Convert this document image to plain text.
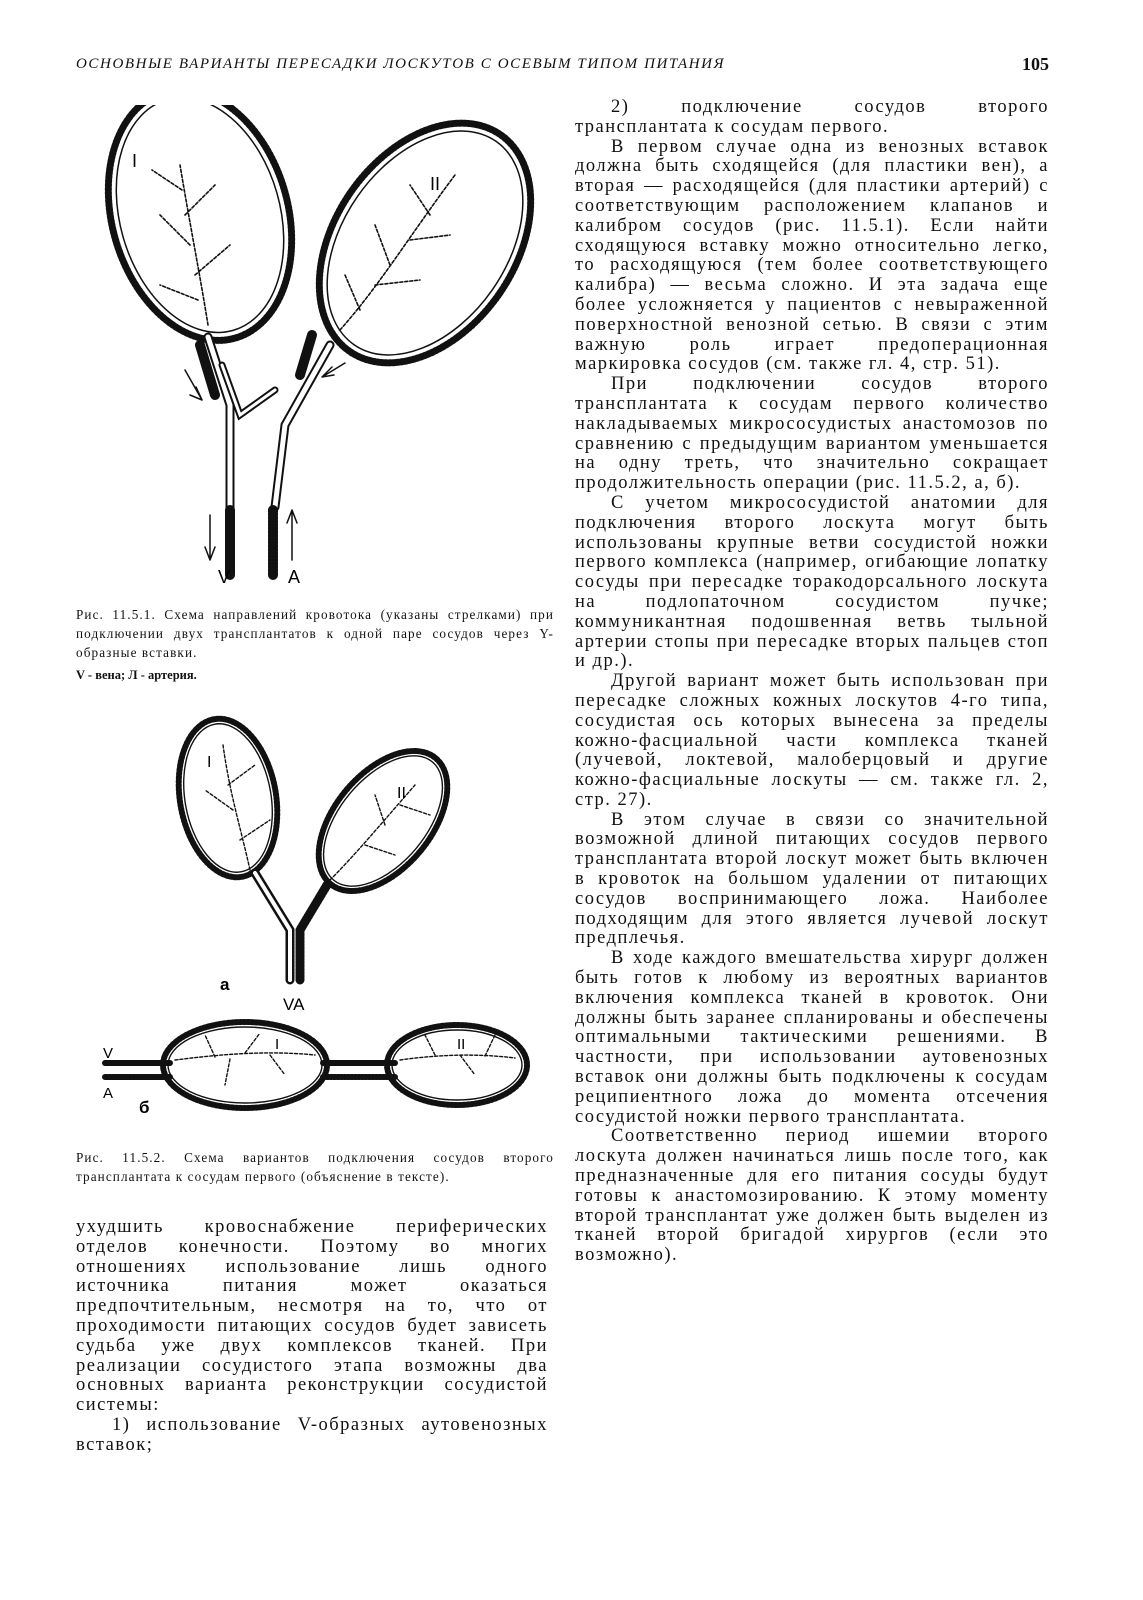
ОСНОВНЫЕ ВАРИАНТЫ ПЕРЕСАДКИ ЛОСКУТОВ С ОСЕВЫМ ТИПОМ ПИТАНИЯ	105
I
II
V	A
Рис. 11.5.1. Схема направлений кровотока (указаны стрелками) при подключении двух трансплантатов к одной паре сосудов через Y-образные вставки.
V - вена; Л - артерия.
I
II
а
VA
V
A
б
I	II
Рис. 11.5.2. Схема вариантов подключения сосудов второго трансплантата к сосудам первого (объяснение в тексте).

ухудшить кровоснабжение периферических отделов конечности. Поэтому во многих отношениях использование лишь одного источника питания может оказаться предпочтительным, несмотря на то, что от проходимости питающих сосудов будет зависеть судьба уже двух комплексов тканей. При реализации сосудистого этапа возможны два основных варианта реконструкции сосудистой системы:

1) использование V-образных аутовенозных вставок;

2) подключение сосудов второго трансплантата к сосудам первого.

В первом случае одна из венозных вставок должна быть сходящейся (для пластики вен), а вторая — расходящейся (для пластики артерий) с соответствующим расположением клапанов и калибром сосудов (рис. 11.5.1). Если найти сходящуюся вставку можно относительно легко, то расходящуюся (тем более соответствующего калибра) — весьма сложно. И эта задача еще более усложняется у пациентов с невыраженной поверхностной венозной сетью. В связи с этим важную роль играет предоперационная маркировка сосудов (см. также гл. 4, стр. 51).

При подключении сосудов второго трансплантата к сосудам первого количество накладываемых микрососудистых анастомозов по сравнению с предыдущим вариантом уменьшается на одну треть, что значительно сокращает продолжительность операции (рис. 11.5.2, а, б).

С учетом микрососудистой анатомии для подключения второго лоскута могут быть использованы крупные ветви сосудистой ножки первого комплекса (например, огибающие лопатку сосуды при пересадке торакодорсального лоскута на подлопаточном сосудистом пучке; коммуникантная подошвенная ветвь тыльной артерии стопы при пересадке вторых пальцев стоп и др.).

Другой вариант может быть использован при пересадке сложных кожных лоскутов 4-го типа, сосудистая ось которых вынесена за пределы кожно-фасциальной части комплекса тканей (лучевой, локтевой, малоберцовый и другие кожно-фасциальные лоскуты — см. также гл. 2, стр. 27).

В этом случае в связи со значительной возможной длиной питающих сосудов первого трансплантата второй лоскут может быть включен в кровоток на большом удалении от питающих сосудов воспринимающего ложа. Наиболее подходящим для этого является лучевой лоскут предплечья.

В ходе каждого вмешательства хирург должен быть готов к любому из вероятных вариантов включения комплекса тканей в кровоток. Они должны быть заранее спланированы и обеспечены оптимальными тактическими решениями. В частности, при использовании аутовенозных вставок они должны быть подключены к сосудам реципиентного ложа до момента отсечения сосудистой ножки первого трансплантата.

Соответственно период ишемии второго лоскута должен начинаться лишь после того, как предназначенные для его питания сосуды будут готовы к анастомозированию. К этому моменту второй трансплантат уже должен быть выделен из тканей второй бригадой хирургов (если это возможно).
